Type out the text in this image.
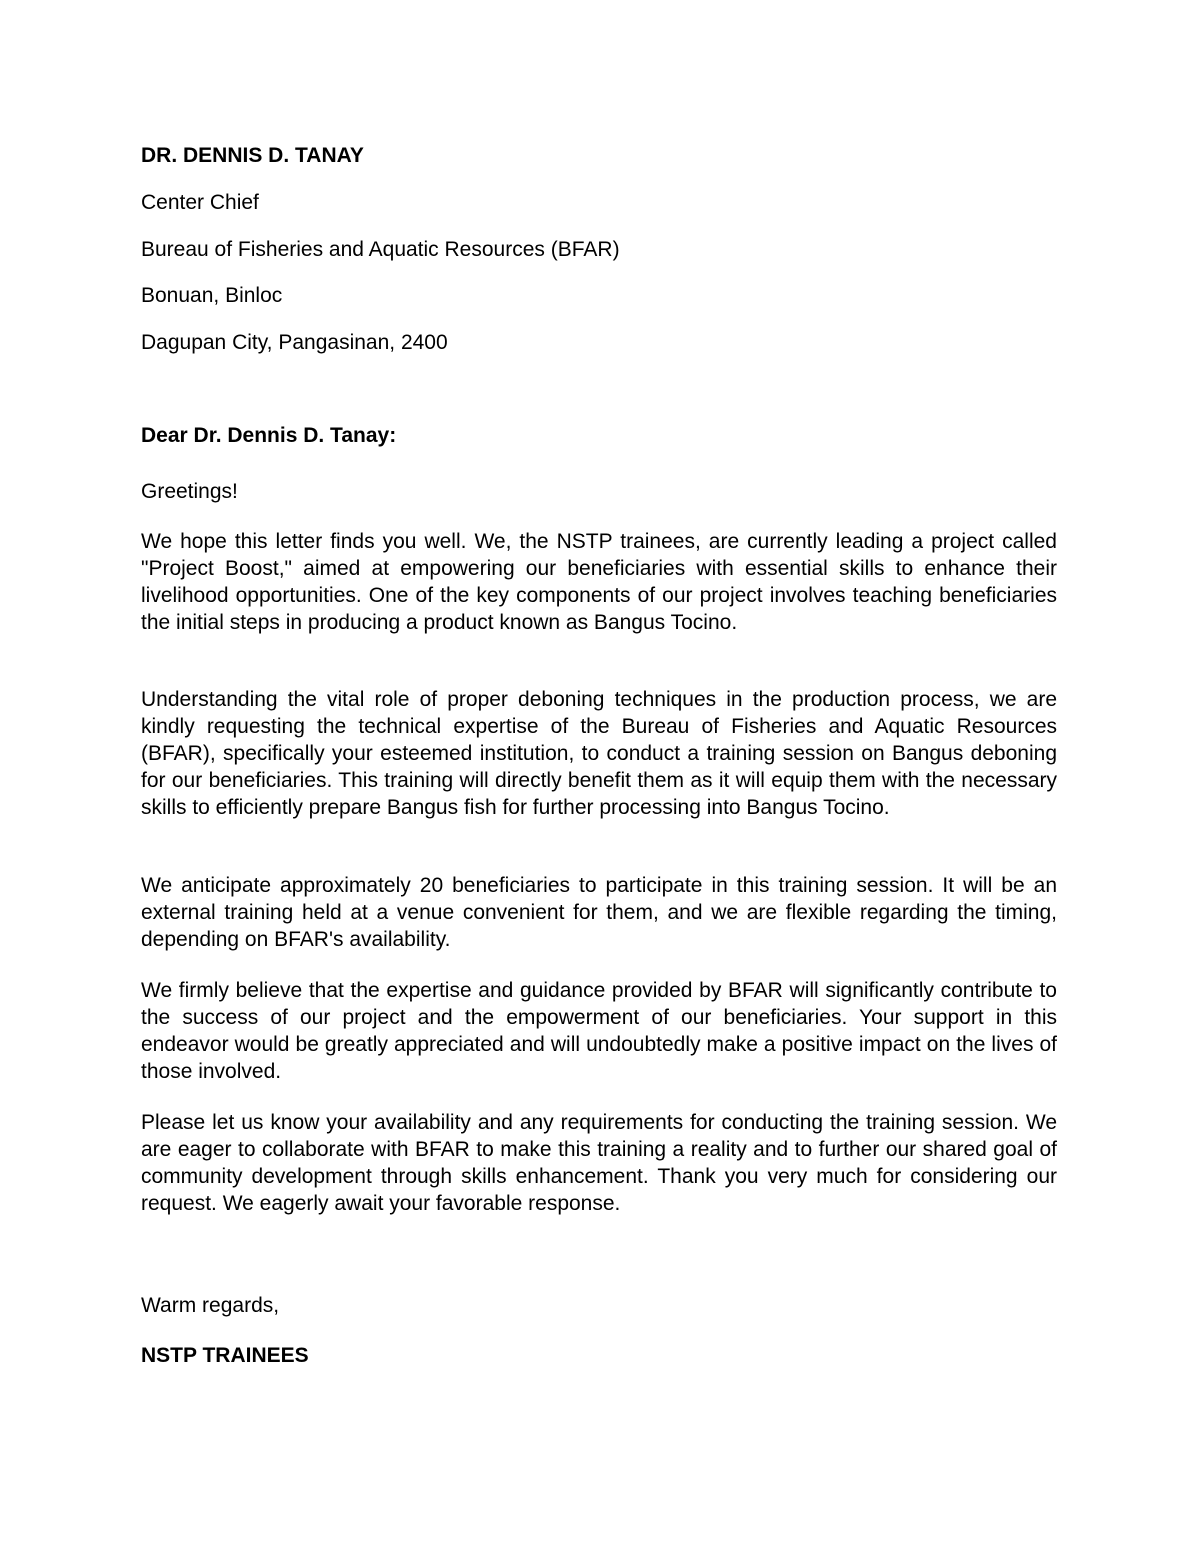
DR. DENNIS D. TANAY
Center Chief
Bureau of Fisheries and Aquatic Resources (BFAR)
Bonuan, Binloc
Dagupan City, Pangasinan, 2400
Dear Dr. Dennis D. Tanay:
Greetings!
We hope this letter finds you well. We, the NSTP trainees, are currently leading a project called "Project Boost," aimed at empowering our beneficiaries with essential skills to enhance their livelihood opportunities. One of the key components of our project involves teaching beneficiaries the initial steps in producing a product known as Bangus Tocino.
Understanding the vital role of proper deboning techniques in the production process, we are kindly requesting the technical expertise of the Bureau of Fisheries and Aquatic Resources (BFAR), specifically your esteemed institution, to conduct a training session on Bangus deboning for our beneficiaries. This training will directly benefit them as it will equip them with the necessary skills to efficiently prepare Bangus fish for further processing into Bangus Tocino.
We anticipate approximately 20 beneficiaries to participate in this training session. It will be an external training held at a venue convenient for them, and we are flexible regarding the timing, depending on BFAR's availability.
We firmly believe that the expertise and guidance provided by BFAR will significantly contribute to the success of our project and the empowerment of our beneficiaries. Your support in this endeavor would be greatly appreciated and will undoubtedly make a positive impact on the lives of those involved.
Please let us know your availability and any requirements for conducting the training session. We are eager to collaborate with BFAR to make this training a reality and to further our shared goal of community development through skills enhancement. Thank you very much for considering our request. We eagerly await your favorable response.
Warm regards,
NSTP TRAINEES
